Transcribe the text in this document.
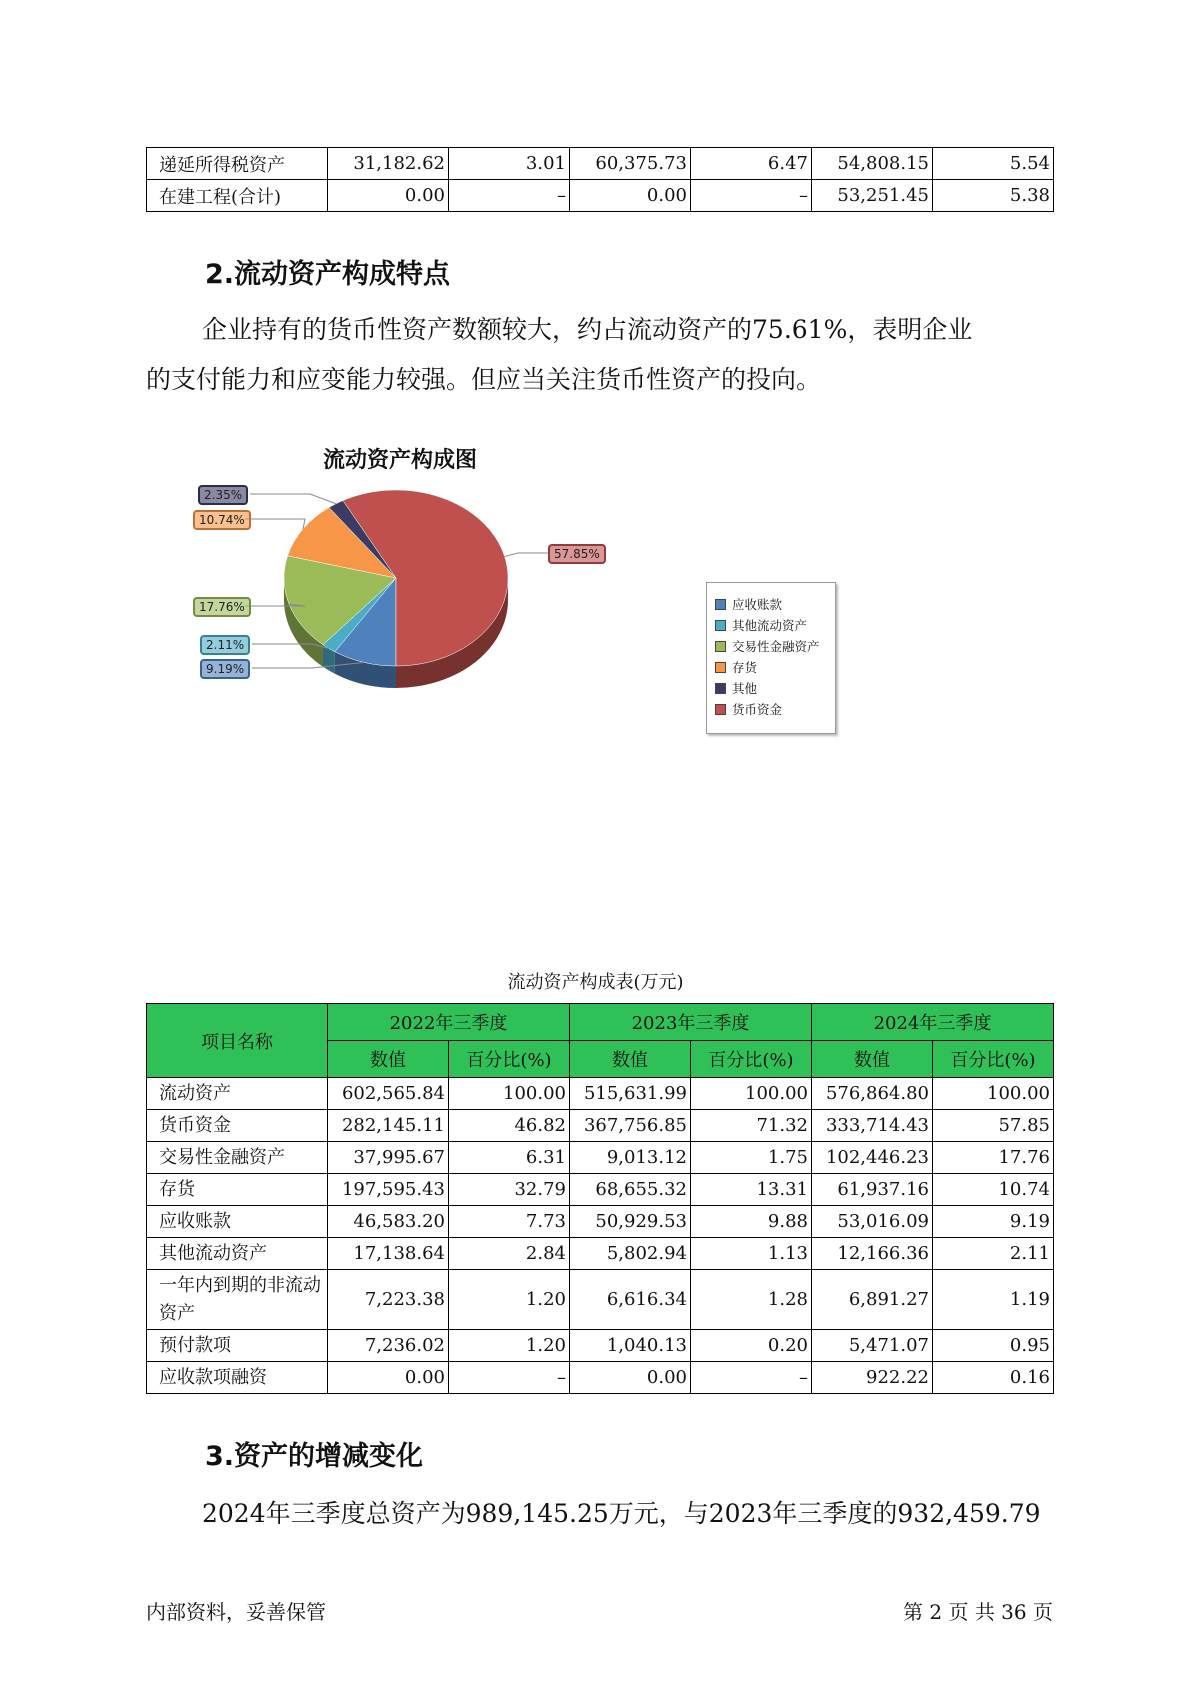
递延所得税资产	31,182.62	3.01	60,375.73	6.47	54,808.15	5.54
在建工程(合计)	0.00	–	0.00	–	53,251.45	5.38
2.流动资产构成特点
企业持有的货币性资产数额较大，约占流动资产的75.61%，表明企业
的支付能力和应变能力较强。但应当关注货币性资产的投向。
流动资产构成图
应收账款
其他流动资产
交易性金融资产
存货
其他
货币资金
流动资产构成表(万元)
项目名称	2022年三季度		2023年三季度		2024年三季度	
	数值	百分比(%)	数值	百分比(%)	数值	百分比(%)
流动资产	602,565.84	100.00	515,631.99	100.00	576,864.80	100.00
货币资金	282,145.11	46.82	367,756.85	71.32	333,714.43	57.85
交易性金融资产	37,995.67	6.31	9,013.12	1.75	102,446.23	17.76
存货	197,595.43	32.79	68,655.32	13.31	61,937.16	10.74
应收账款	46,583.20	7.73	50,929.53	9.88	53,016.09	9.19
其他流动资产	17,138.64	2.84	5,802.94	1.13	12,166.36	2.11
一年内到期的非流动资产	7,223.38	1.20	6,616.34	1.28	6,891.27	1.19
预付款项	7,236.02	1.20	1,040.13	0.20	5,471.07	0.95
应收款项融资	0.00	–	0.00	–	922.22	0.16
3.资产的增减变化
2024年三季度总资产为989,145.25万元，与2023年三季度的932,459.79
内部资料，妥善保管	第 2 页 共 36 页
2.35%
10.74%
17.76%
2.11%
9.19%
57.85%
